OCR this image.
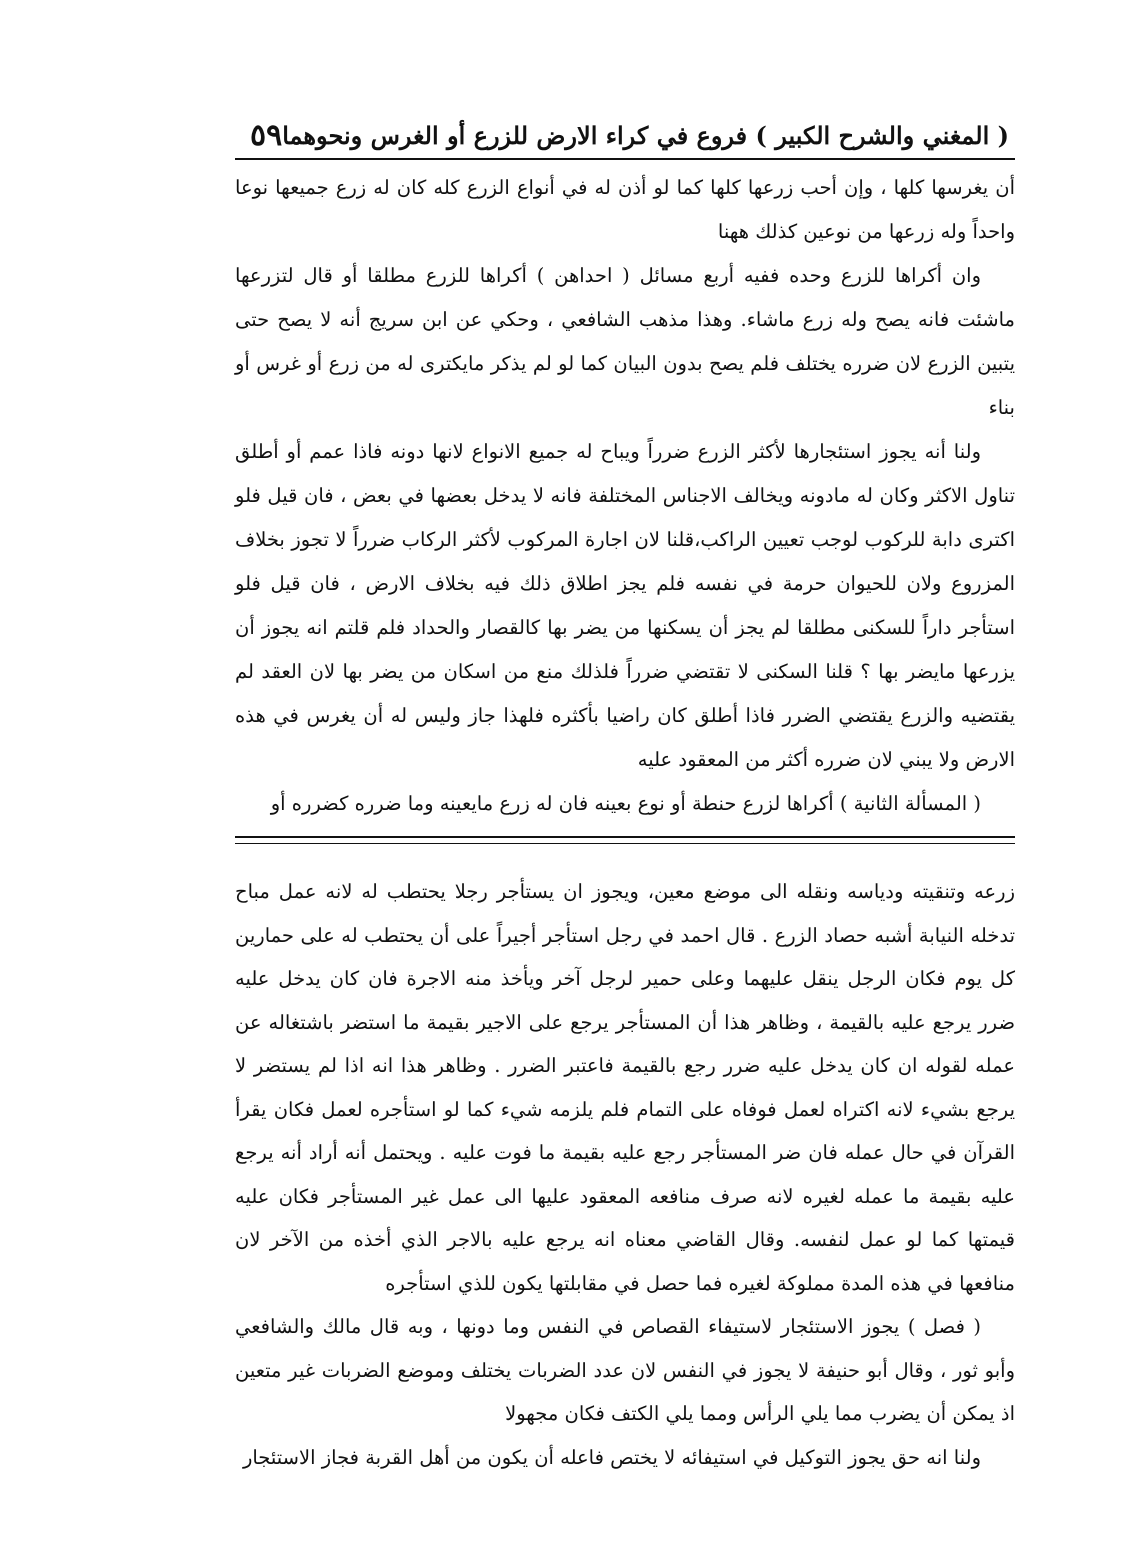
( المغني والشرح الكبير ) فروع في كراء الارض للزرع أو الغرس ونحوهما
٥٩

أن يغرسها كلها ، وإن أحب زرعها كلها كما لو أذن له في أنواع الزرع كله كان له زرع جميعها نوعا واحداً وله زرعها من نوعين كذلك ههنا

وان أكراها للزرع وحده ففيه أربع مسائل ( احداهن ) أكراها للزرع مطلقا أو قال لتزرعها ماشئت فانه يصح وله زرع ماشاء. وهذا مذهب الشافعي ، وحكي عن ابن سريج أنه لا يصح حتى يتبين الزرع لان ضرره يختلف فلم يصح بدون البيان كما لو لم يذكر مايكترى له من زرع أو غرس أو بناء

ولنا أنه يجوز استئجارها لأكثر الزرع ضرراً ويباح له جميع الانواع لانها دونه فاذا عمم أو أطلق تناول الاكثر وكان له مادونه ويخالف الاجناس المختلفة فانه لا يدخل بعضها في بعض ، فان قيل فلو اكترى دابة للركوب لوجب تعيين الراكب،قلنا لان اجارة المركوب لأكثر الركاب ضرراً لا تجوز بخلاف المزروع ولان للحيوان حرمة في نفسه فلم يجز اطلاق ذلك فيه بخلاف الارض ، فان قيل فلو استأجر داراً للسكنى مطلقا لم يجز أن يسكنها من يضر بها كالقصار والحداد فلم قلتم انه يجوز أن يزرعها مايضر بها ؟ قلنا السكنى لا تقتضي ضرراً فلذلك منع من اسكان من يضر بها لان العقد لم يقتضيه والزرع يقتضي الضرر فاذا أطلق كان راضيا بأكثره فلهذا جاز وليس له أن يغرس في هذه الارض ولا يبني لان ضرره أكثر من المعقود عليه

( المسألة الثانية ) أكراها لزرع حنطة أو نوع بعينه فان له زرع مايعينه وما ضرره كضرره أو

زرعه وتنقيته ودياسه ونقله الى موضع معين، ويجوز ان يستأجر رجلا يحتطب له لانه عمل مباح تدخله النيابة أشبه حصاد الزرع . قال احمد في رجل استأجر أجيراً على أن يحتطب له على حمارين كل يوم فكان الرجل ينقل عليهما وعلى حمير لرجل آخر ويأخذ منه الاجرة فان كان يدخل عليه ضرر يرجع عليه بالقيمة ، وظاهر هذا أن المستأجر يرجع على الاجير بقيمة ما استضر باشتغاله عن عمله لقوله ان كان يدخل عليه ضرر رجع بالقيمة فاعتبر الضرر . وظاهر هذا انه اذا لم يستضر لا يرجع بشيء لانه اكتراه لعمل فوفاه على التمام فلم يلزمه شيء كما لو استأجره لعمل فكان يقرأ القرآن في حال عمله فان ضر المستأجر رجع عليه بقيمة ما فوت عليه . ويحتمل أنه أراد أنه يرجع عليه بقيمة ما عمله لغيره لانه صرف منافعه المعقود عليها الى عمل غير المستأجر فكان عليه قيمتها كما لو عمل لنفسه. وقال القاضي معناه انه يرجع عليه بالاجر الذي أخذه من الآخر لان منافعها في هذه المدة مملوكة لغيره فما حصل في مقابلتها يكون للذي استأجره

( فصل ) يجوز الاستئجار لاستيفاء القصاص في النفس وما دونها ، وبه قال مالك والشافعي وأبو ثور ، وقال أبو حنيفة لا يجوز في النفس لان عدد الضربات يختلف وموضع الضربات غير متعين اذ يمكن أن يضرب مما يلي الرأس ومما يلي الكتف فكان مجهولا

ولنا انه حق يجوز التوكيل في استيفائه لا يختص فاعله أن يكون من أهل القربة فجاز الاستئجار
